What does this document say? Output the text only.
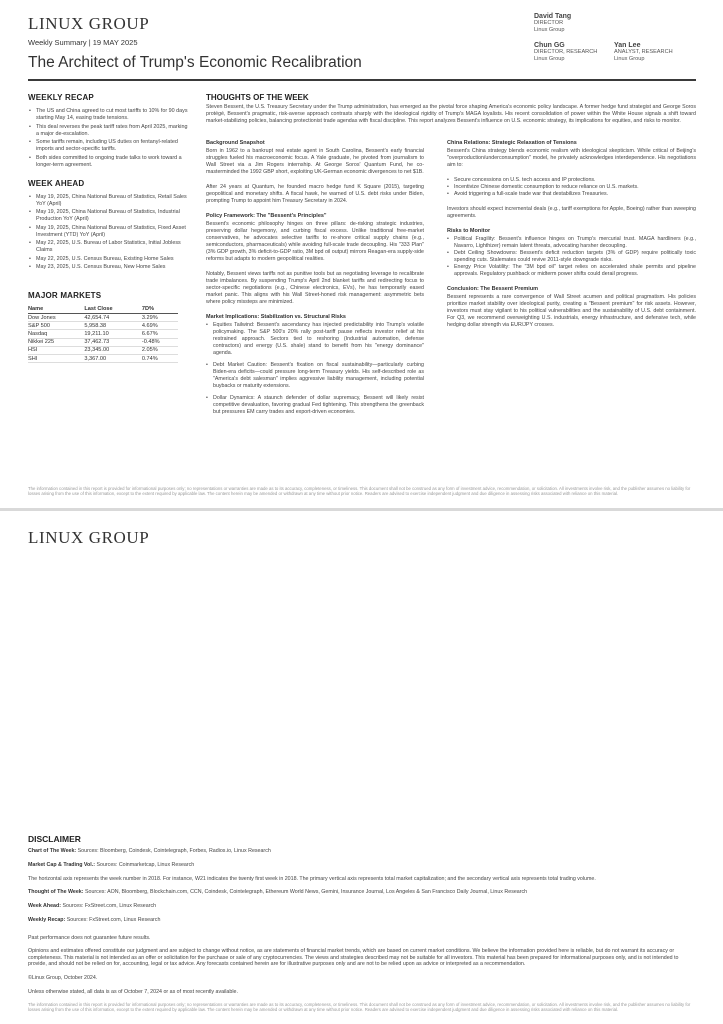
LINUX GROUP
Weekly Summary | 19 MAY 2025
The Architect of Trump's Economic Recalibration
David Tang
DIRECTOR
Linux Group
Chun GG
DIRECTOR, RESEARCH
Linux Group
Yan Lee
ANALYST, RESEARCH
Linux Group
WEEKLY RECAP
• The US and China agreed to cut most tariffs to 10% for 90 days starting May 14, easing trade tensions.
• This deal reverses the peak tariff rates from April 2025, marking a major de-escalation.
• Some tariffs remain, including US duties on fentanyl-related imports and sector-specific tariffs.
• Both sides committed to ongoing trade talks to work toward a longer-term agreement.
WEEK AHEAD
• May 19, 2025, China National Bureau of Statistics, Retail Sales YoY (April)
• May 19, 2025, China National Bureau of Statistics, Industrial Production YoY (April)
• May 19, 2025, China National Bureau of Statistics, Fixed Asset Investment (YTD) YoY (April)
• May 22, 2025, U.S. Bureau of Labor Statistics, Initial Jobless Claims
• May 22, 2025, U.S. Census Bureau, Existing Home Sales
• May 23, 2025, U.S. Census Bureau, New Home Sales
MAJOR MARKETS
Name	Last Close	7D%
Dow Jones	42,654.74	3.29%
S&P 500	5,958.38	4.69%
Nasdaq	19,211.10	6.67%
Nikkei 225	37,462.73	-0.48%
HSI	23,345.00	2.05%
SHI	3,367.00	0.74%
THOUGHTS OF THE WEEK
Steven Bessent, the U.S. Treasury Secretary under the Trump administration, has emerged as the pivotal force shaping America's economic policy landscape. A former hedge fund strategist and George Soros protégé, Bessent's pragmatic, risk-averse approach contrasts sharply with the ideological rigidity of Trump's MAGA loyalists. His recent consolidation of power within the White House signals a shift toward market-stabilizing policies, balancing protectionist trade agendas with fiscal discipline. This report analyzes Bessent's influence on U.S. economic strategy, its implications for equities, and risks to monitor.
Background Snapshot

Born in 1962 to a bankrupt real estate agent in South Carolina, Bessent's early financial struggles fueled his macroeconomic focus. A Yale graduate, he pivoted from journalism to Wall Street via a Jim Rogers internship. At George Soros' Quantum Fund, he co-masterminded the 1992 GBP short, exploiting UK-German economic divergences to net $1B.

After 24 years at Quantum, he founded macro hedge fund K Square (2015), targeting geopolitical and monetary shifts. A fiscal hawk, he warned of U.S. debt risks under Biden, prompting Trump to appoint him Treasury Secretary in 2024.

Policy Framework: The "Bessent's Principles"

Bessent's economic philosophy hinges on three pillars: de-risking strategic industries, preserving dollar hegemony, and curbing fiscal excess. Unlike traditional free-market conservatives, he advocates selective tariffs to re-shore critical supply chains (e.g., semiconductors, pharmaceuticals) while avoiding full-scale trade decoupling. His "333 Plan" (3% GDP growth, 3% deficit-to-GDP ratio, 3M bpd oil output) mirrors Reagan-era supply-side reforms but adapts to modern geopolitical realities.

Notably, Bessent views tariffs not as punitive tools but as negotiating leverage to recalibrate trade imbalances. By suspending Trump's April 2nd blanket tariffs and redirecting focus to sector-specific negotiations (e.g., Chinese electronics, EVs), he has temporarily eased market panic. This aligns with his Wall Street-honed risk management: asymmetric bets where policy missteps are minimized.

Market Implications: Stabilization vs. Structural Risks
• Equities Tailwind: Bessent's ascendancy has injected predictability into Trump's volatile policymaking. The S&P 500's 20% rally post-tariff pause reflects investor relief at his restrained approach. Sectors tied to reshoring (Industrial automation, defense contractors) and energy (U.S. shale) stand to benefit from his "energy dominance" agenda.
• Debt Market Caution: Bessent's fixation on fiscal sustainability—particularly curbing Biden-era deficits—could pressure long-term Treasury yields. His self-described role as "America's debt salesman" implies aggressive liability management, including potential buybacks or maturity extensions.
• Dollar Dynamics: A staunch defender of dollar supremacy, Bessent will likely resist competitive devaluation, favoring gradual Fed tightening. This strengthens the greenback but pressures EM carry trades and export-driven economies.
China Relations: Strategic Relaxation of Tensions

Bessent's China strategy blends economic realism with ideological skepticism. While critical of Beijing's "overproduction/underconsumption" model, he privately acknowledges interdependence. His negotiations aim to:

• Secure concessions on U.S. tech access and IP protections.
• Incentivize Chinese domestic consumption to reduce reliance on U.S. markets.
• Avoid triggering a full-scale trade war that destabilizes Treasuries.

Investors should expect incremental deals (e.g., tariff exemptions for Apple, Boeing) rather than sweeping agreements.

Risks to Monitor
• Political Fragility: Bessent's influence hinges on Trump's mercurial trust. MAGA hardliners (e.g., Navarro, Lighthizer) remain latent threats, advocating harsher decoupling.
• Debt Ceiling Showdowns: Bessent's deficit reduction targets (3% of GDP) require politically toxic spending cuts. Stalemates could revive 2011-style downgrade risks.
• Energy Price Volatility: The "3M bpd oil" target relies on accelerated shale permits and pipeline approvals. Regulatory pushback or midterm power shifts could derail progress.
Conclusion: The Bessent Premium

Bessent represents a rare convergence of Wall Street acumen and political pragmatism. His policies prioritize market stability over ideological purity, creating a "Bessent premium" for risk assets. However, investors must stay vigilant to his political vulnerabilities and the sustainability of U.S. debt containment. For Q3, we recommend overweighting U.S. industrials, energy infrastructure, and defensive tech, while hedging dollar strength via EUR/JPY crosses.

The information contained in this report is provided for informational purposes only; no representations or warranties are made as to its accuracy, completeness, or timeliness. This document shall not be construed as any form of investment advice, recommendation, or solicitation. All investments involve risk, and the publisher assumes no liability for losses arising from the use of this information, except to the extent required by applicable law. The content herein may be amended or withdrawn at any time without prior notice. Readers are advised to exercise independent judgment and due diligence in assessing risks associated with reliance on this material.
LINUX GROUP
DISCLAIMER

Chart of The Week: Sources: Bloomberg, Coindesk, Cointelegraph, Forbes, Radios.io, Linux Research

Market Cap & Trading Vol.: Sources: Coinmarketcap, Linux Research

The horizontal axis represents the week number in 2018. For instance, W21 indicates the twenty first week in 2018. The primary vertical axis represents total market capitalization; and the secondary vertical axis represents total trading volume.

Thought of The Week: Sources: AON, Bloomberg, Blockchain.com, CCN, Coindesk, Cointelegraph, Ethereum World News, Gemini, Insurance Journal, Los Angeles & San Francisco Daily Journal, Linux Research

Week Ahead: Sources: FxStreet.com, Linux Research

Weekly Recap: Sources: FxStreet.com, Linux Research

Past performance does not guarantee future results.

Opinions and estimates offered constitute our judgment and are subject to change without notice, as are statements of financial market trends, which are based on current market conditions. We believe the information provided here is reliable, but do not warrant its accuracy or completeness. This material is not intended as an offer or solicitation for the purchase or sale of any cryptocurrencies. The views and strategies described may not be suitable for all investors. This material has been prepared for informational purposes only, and is not intended to provide, and should not be relied on for, accounting, legal or tax advice. Any forecasts contained herein are for illustrative purposes only and are not to be relied upon as advice or interpreted as a recommendation.

©Linux Group, October 2024.

Unless otherwise stated, all data is as of October 7, 2024 or as of most recently available.

The information contained in this report is provided for informational purposes only; no representations or warranties are made as to its accuracy, completeness, or timeliness. This document shall not be construed as any form of investment advice, recommendation, or solicitation. All investments involve risk, and the publisher assumes no liability for losses arising from the use of this information, except to the extent required by applicable law. The content herein may be amended or withdrawn at any time without prior notice. Readers are advised to exercise independent judgment and due diligence in assessing risks associated with reliance on this material.
